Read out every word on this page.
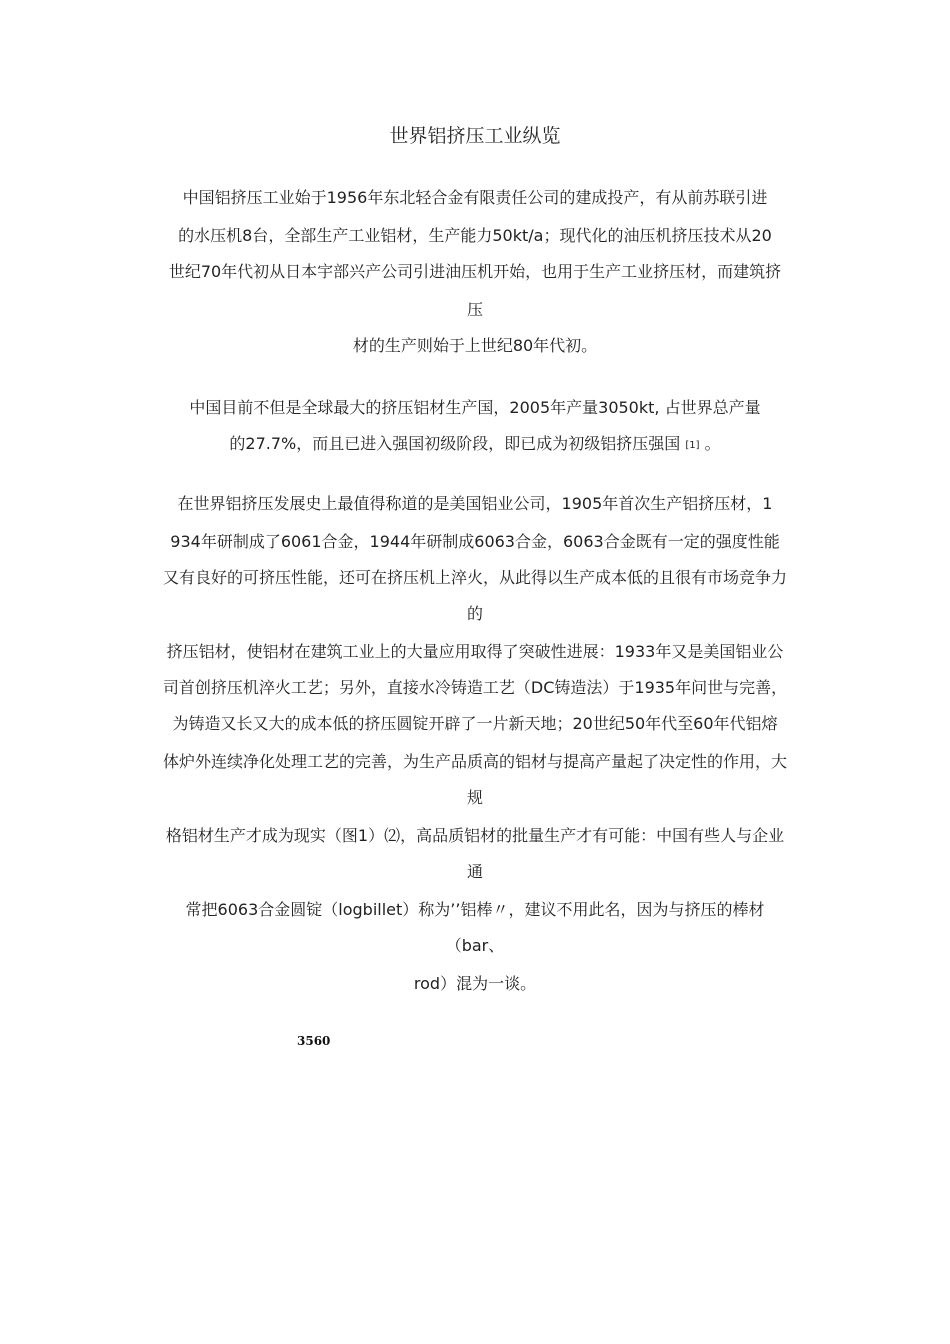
世界铝挤压工业纵览
中国铝挤压工业始于1956年东北轻合金有限责任公司的建成投产，有从前苏联引进
的水压机8台，全部生产工业铝材，生产能力50kt/a；现代化的油压机挤压技术从20
世纪70年代初从日本宇部兴产公司引进油压机开始，也用于生产工业挤压材，而建筑挤
压
材的生产则始于上世纪80年代初。
中国目前不但是全球最大的挤压铝材生产国，2005年产量3050kt, 占世界总产量
的27.7%，而且已进入强国初级阶段，即已成为初级铝挤压强国 [1] 。
在世界铝挤压发展史上最值得称道的是美国铝业公司，1905年首次生产铝挤压材，1
934年研制成了6061合金，1944年研制成6063合金，6063合金既有一定的强度性能
又有良好的可挤压性能，还可在挤压机上淬火，从此得以生产成本低的且很有市场竞争力
的
挤压铝材，使铝材在建筑工业上的大量应用取得了突破性进展：1933年又是美国铝业公
司首创挤压机淬火工艺；另外，直接水冷铸造工艺（DC铸造法）于1935年问世与完善，
为铸造又长又大的成本低的挤压圆锭开辟了一片新天地；20世纪50年代至60年代铝熔
体炉外连续净化处理工艺的完善，为生产品质高的铝材与提高产量起了决定性的作用，大
规
格铝材生产才成为现实（图1）⑵，高品质铝材的批量生产才有可能：中国有些人与企业
通
常把6063合金圆锭（logbillet）称为’’铝棒〃，建议不用此名，因为与挤压的棒材
（bar、
rod）混为一谈。
3560
